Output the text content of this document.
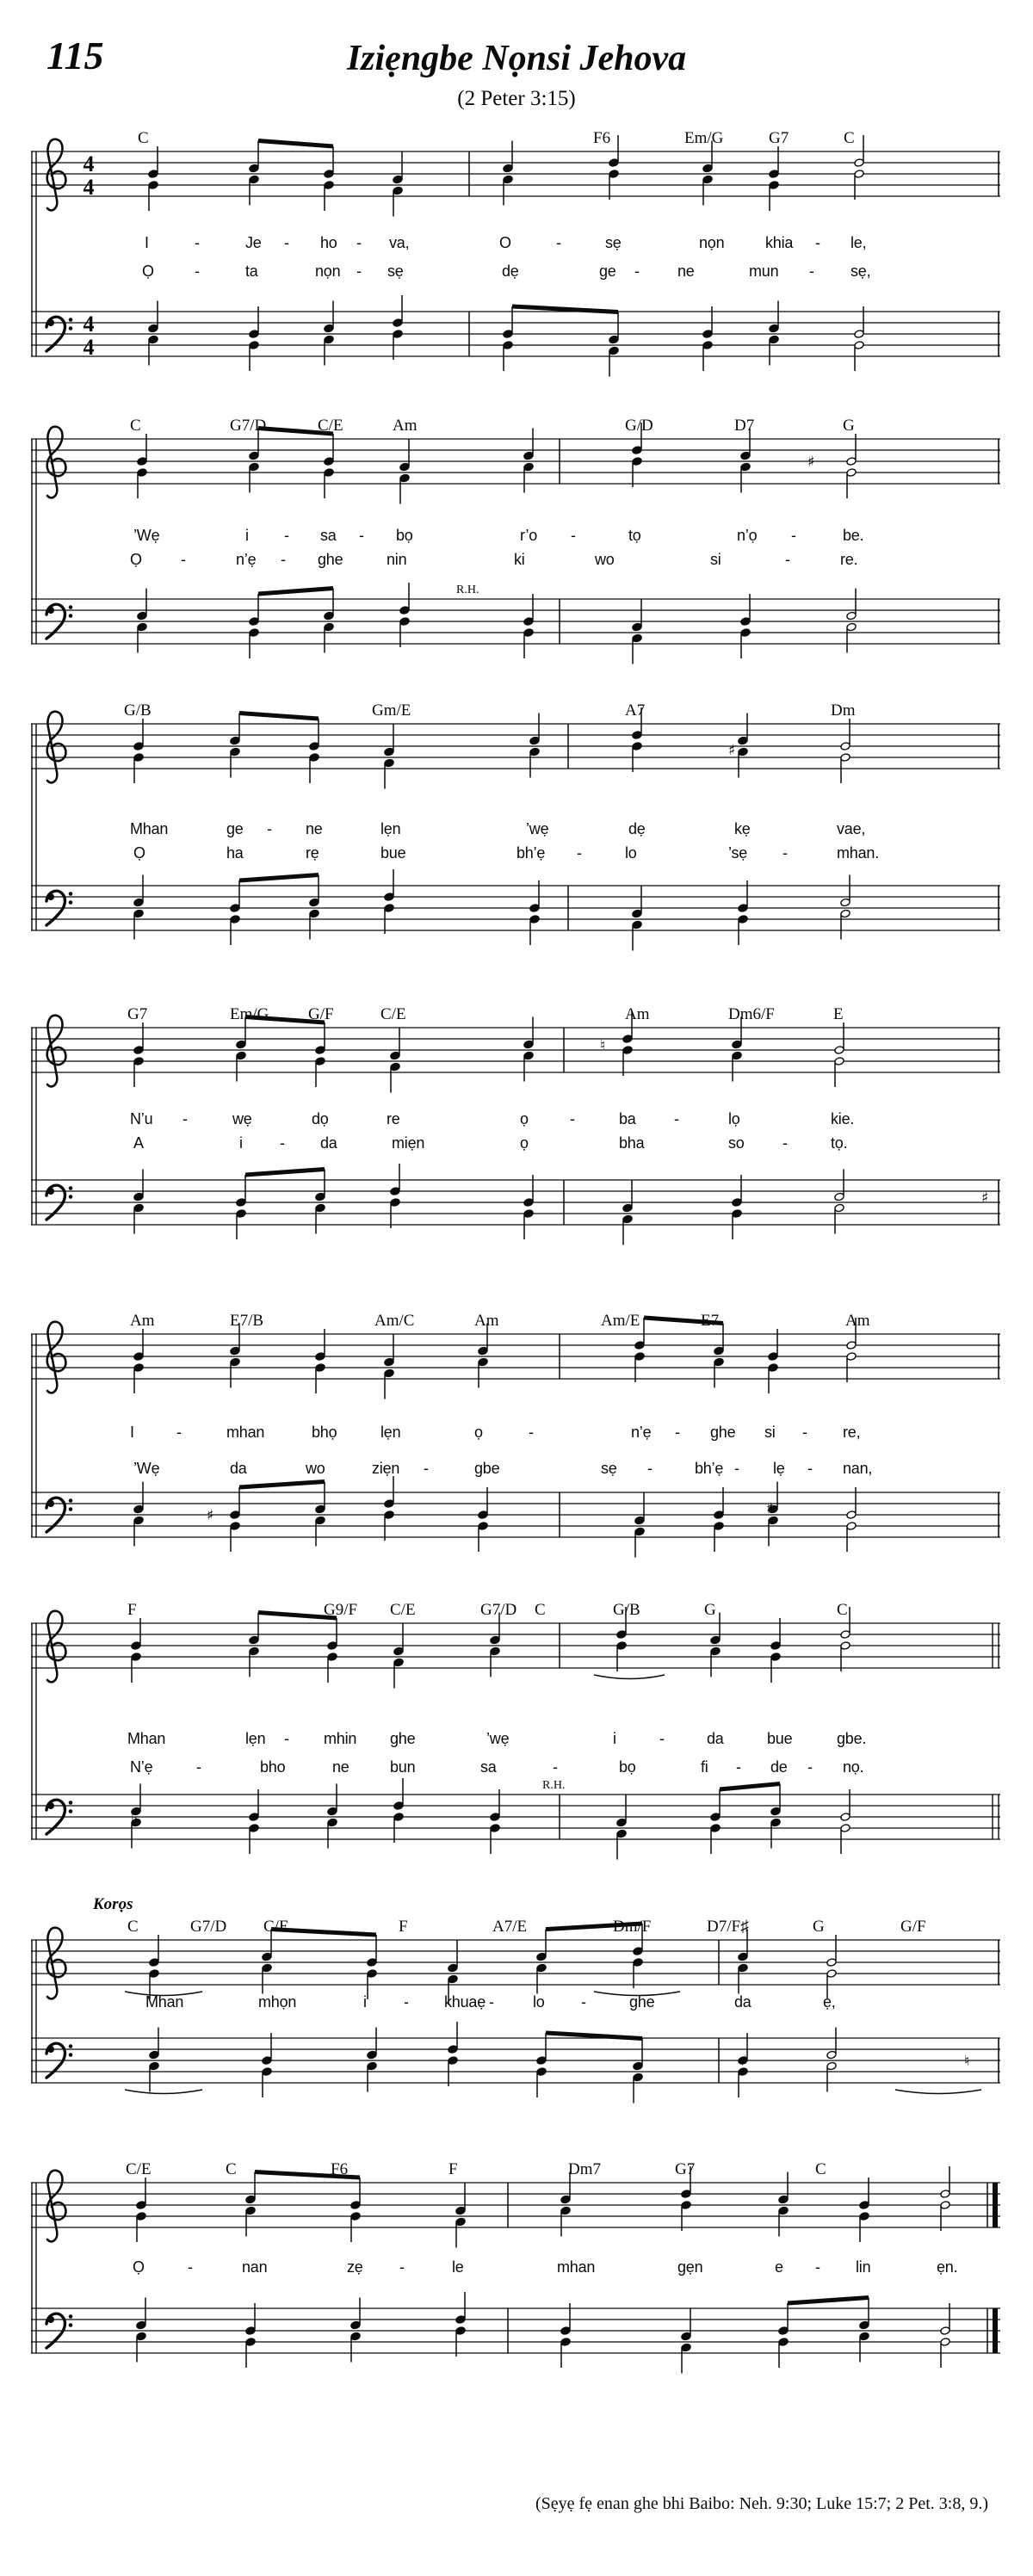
115	Iziẹngbe Nọnsi Jehova
(2 Peter 3:15)
4
4
4
4
C	F6	Em/G	G7	C
I	-	Je - ho - va,	O	-	sẹ	nọn	khia - le,
Ọ	-	ta	nọn - sẹ	dẹ	ge - ne	mun - sẹ,
♯
C	G7/D	C/E	Am	G/D	D7	G
’Wẹ	i - sa - bọ	r’o -	tọ	n’ọ -	be.
Ọ	-	n’ẹ - ghe	nin	ki	wo	si	-	re.
R.H.
♯
G/B	Gm/E	A7	Dm
Mhan	ge - ne	lẹn	’wẹ	dẹ	kẹ	vae,
Ọ	ha	rẹ	bue	bh’ẹ -	lo	’sẹ -	mhan.
♮
♯
G7	Em/G G/F	C/E	Am	Dm6/F	E
N’u -	wẹ	dọ	re	ọ	-	ba -	lọ	kie.
A	i - da	miẹn	ọ	bha	so -	tọ.
♯	♯
Am	E7/B	Am/C	Am	Am/E	E7	Am
I	-	mhan	bhọ	lẹn	ọ	-	n’ẹ - ghe si - re,
’Wẹ	da	wo	ziẹn -	gbe	sẹ -	bh’ẹ - lẹ - nan,
♭
F	G9/F C/E	G7/D C	G/B	G	C
Mhan	lẹn - mhin ghe	’wẹ	i	-	da	bue	gbe.
N’ẹ	-	bho	ne	bun	sa	-	bọ	fi - de - nọ.
R.H.
♯	♮
C	G7/D C/E	F	A7/E	Dm/F	D7/F♯	G	G/F
Mhan	mhọn	i - khuaẹ -	lo -	ghe	da	ẹ,
Korọs
C/E	C	F6	F	Dm7	G7	C
Ọ	-	nan	zẹ -	le	mhan	gẹn	e - lin	ẹn.
(Sẹyẹ fẹ enan ghe bhi Baibo: Neh. 9:30; Luke 15:7; 2 Pet. 3:8, 9.)
